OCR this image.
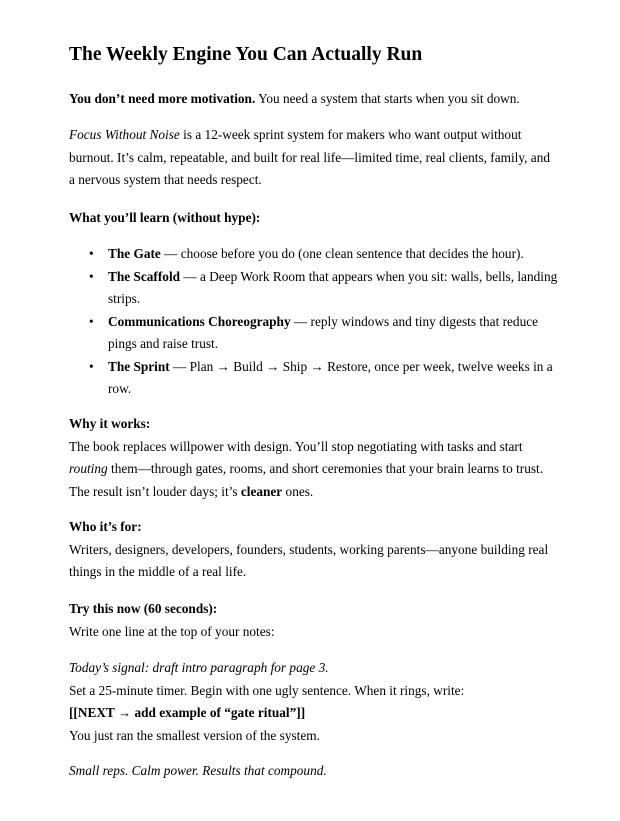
The Weekly Engine You Can Actually Run

You don’t need more motivation. You need a system that starts when you sit down.

Focus Without Noise is a 12-week sprint system for makers who want output without burnout. It’s calm, repeatable, and built for real life—limited time, real clients, family, and a nervous system that needs respect.

What you’ll learn (without hype):

• The Gate — choose before you do (one clean sentence that decides the hour).
• The Scaffold — a Deep Work Room that appears when you sit: walls, bells, landing strips.
• Communications Choreography — reply windows and tiny digests that reduce pings and raise trust.
• The Sprint — Plan → Build → Ship → Restore, once per week, twelve weeks in a row.

Why it works:

The book replaces willpower with design. You’ll stop negotiating with tasks and start routing them—through gates, rooms, and short ceremonies that your brain learns to trust. The result isn’t louder days; it’s cleaner ones.

Who it’s for:

Writers, designers, developers, founders, students, working parents—anyone building real things in the middle of a real life.

Try this now (60 seconds):

Write one line at the top of your notes:

Today’s signal: draft intro paragraph for page 3.

Set a 25-minute timer. Begin with one ugly sentence. When it rings, write:

[[NEXT → add example of “gate ritual”]]

You just ran the smallest version of the system.

Small reps. Calm power. Results that compound.
